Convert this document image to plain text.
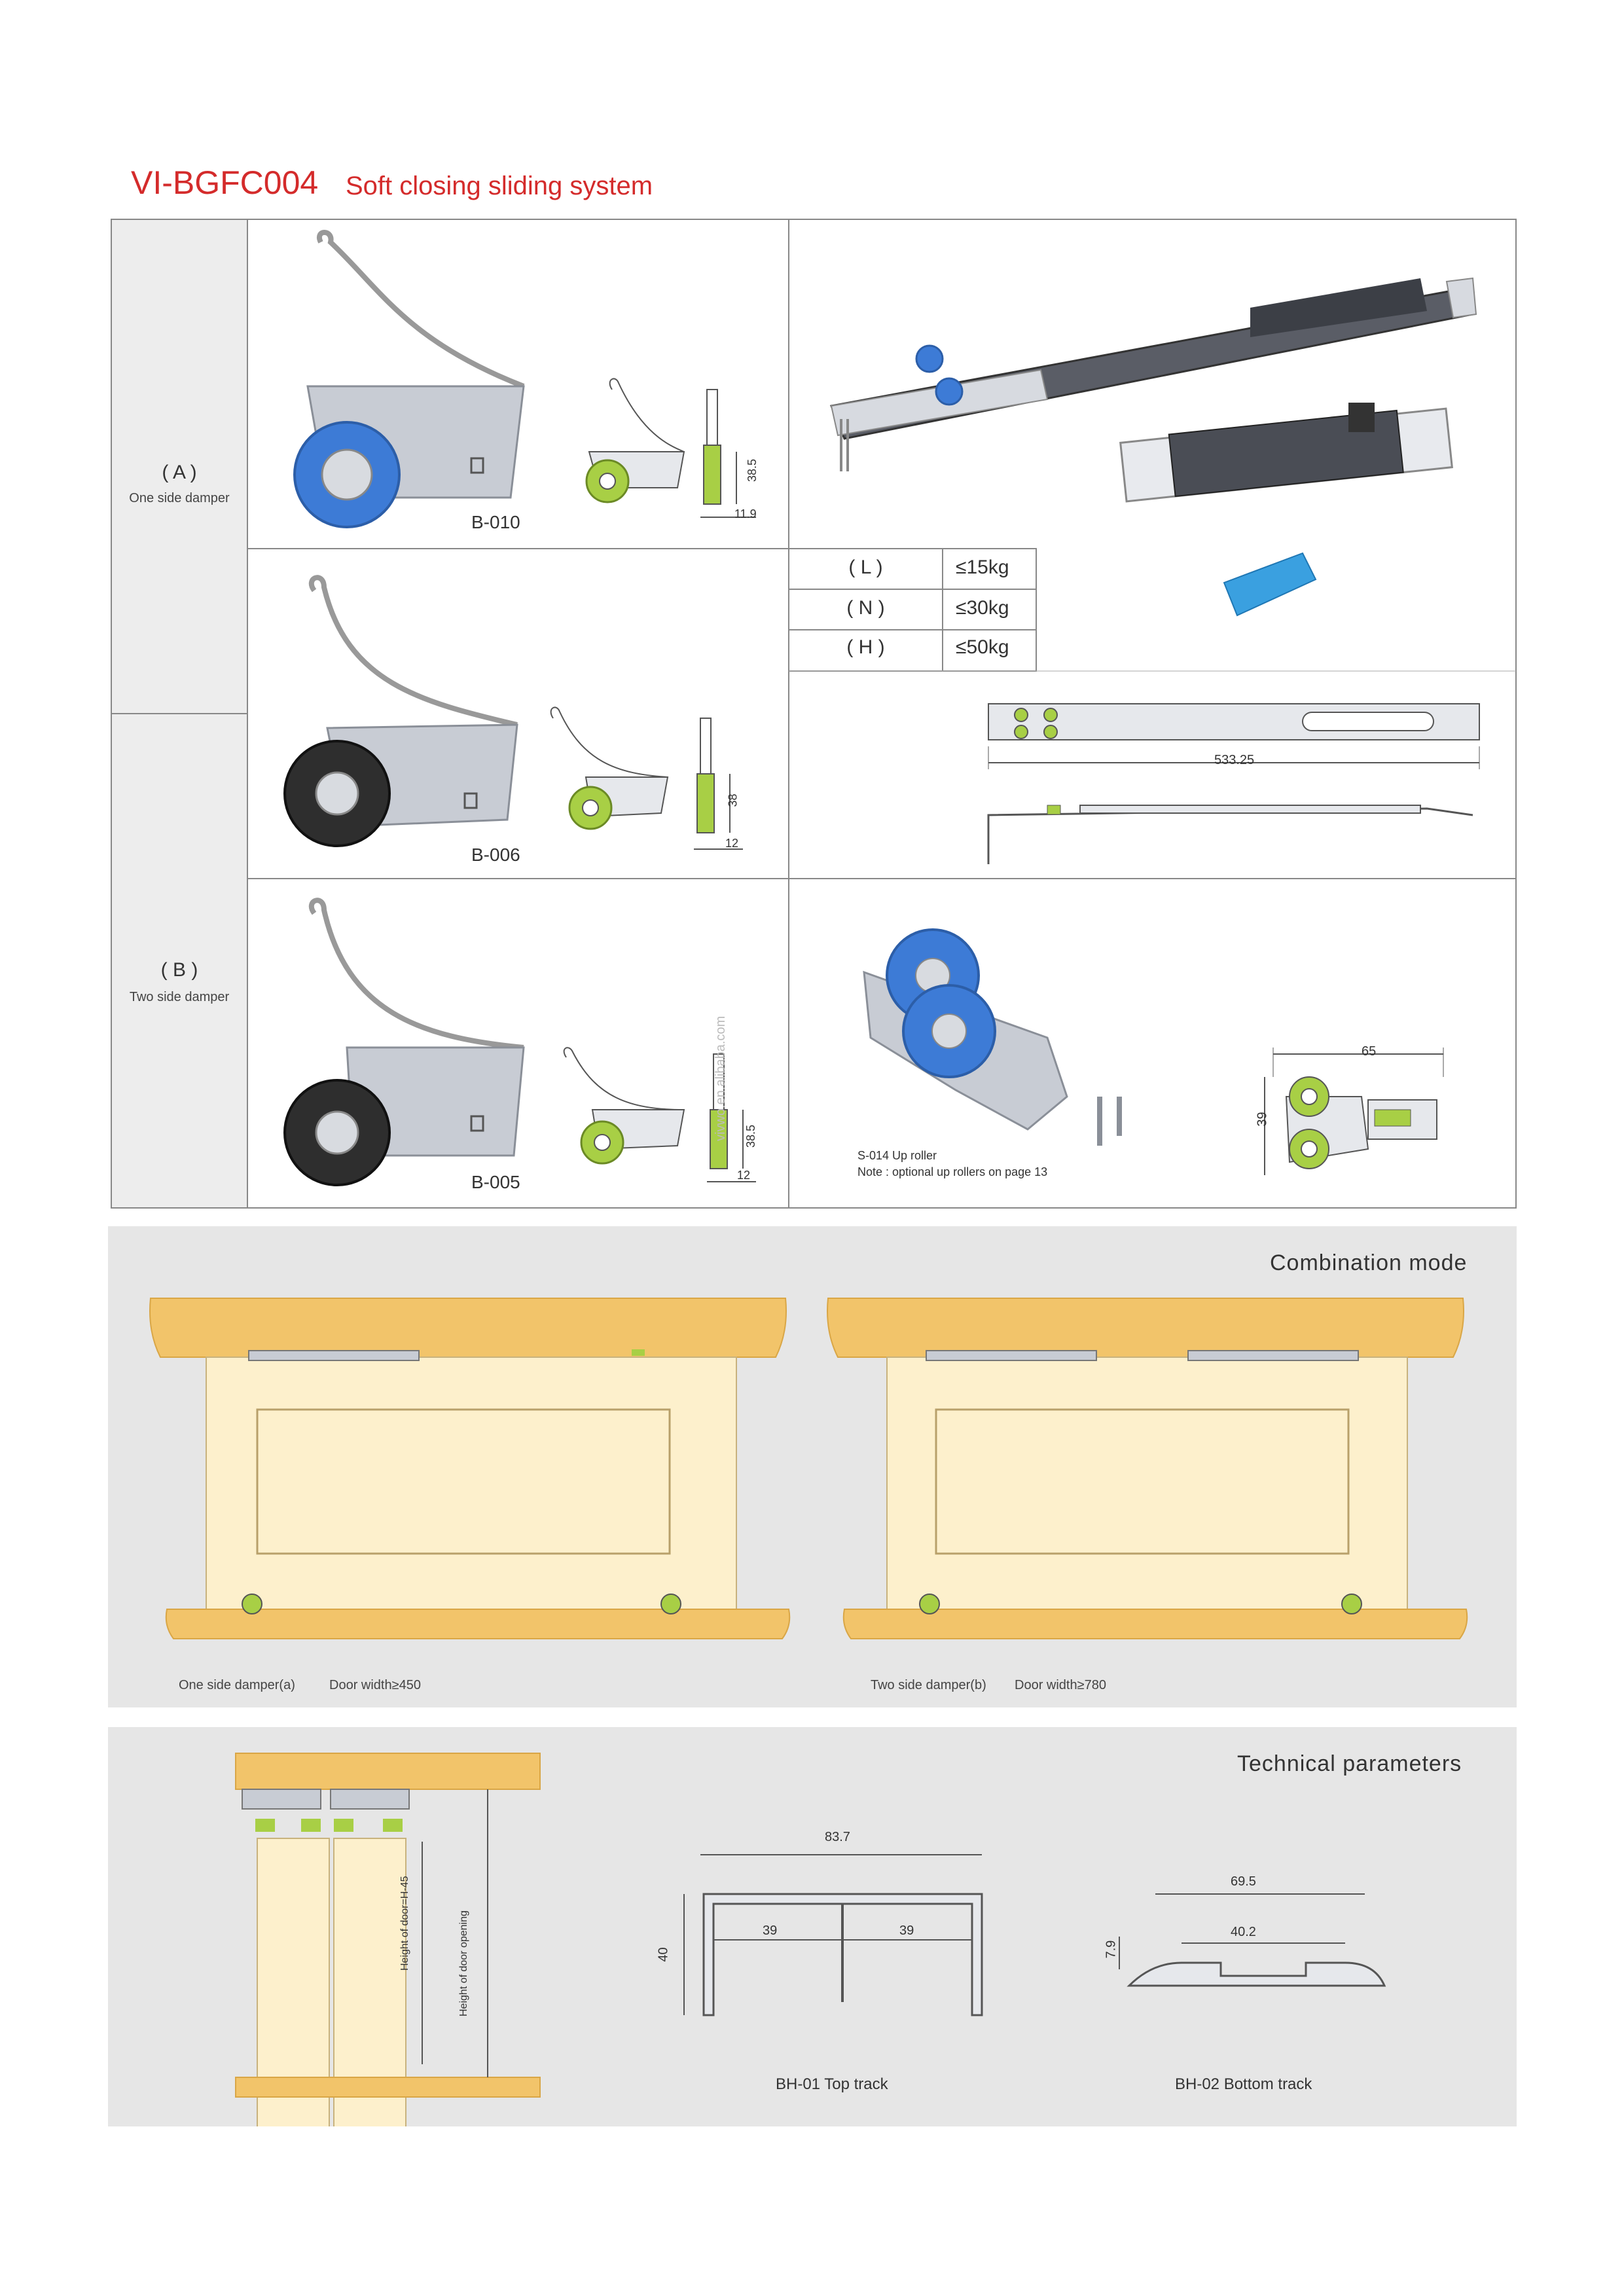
VI-BGFC004 Soft closing sliding system
( A )
One side damper
( B )
Two side damper
B-010
38.5
11.9
B-006
38
12
B-005
38.5
12
( L )	≤15kg
( N )	≤30kg
( H )	≤50kg
533.25
vivwo.en.alibaba.com
S-014 Up roller
Note : optional up rollers on page 13
65
39
Combination mode
One side damper(a)	Door width≥450	Two side damper(b) Door width≥780
Technical parameters
Height of door=H-45	Height of door opening
83.7
39	39
40
BH-01 Top track
69.5
40.2
7.9
BH-02 Bottom track
